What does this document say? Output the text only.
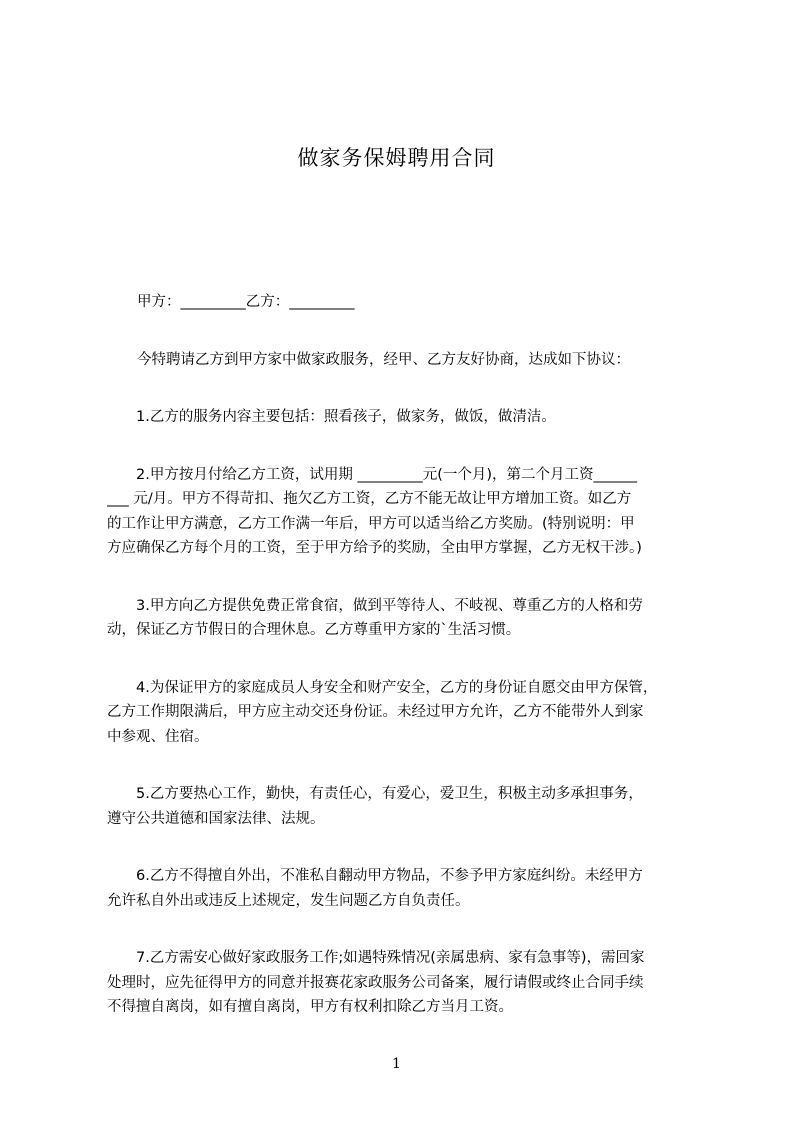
做家务保姆聘用合同
甲方：_________乙方：_________
今特聘请乙方到甲方家中做家政服务，经甲、乙方友好协商，达成如下协议：
1.乙方的服务内容主要包括：照看孩子，做家务，做饭，做清洁。
2.甲方按月付给乙方工资，试用期 _________元(一个月)，第二个月工资______
___ 元/月。甲方不得苛扣、拖欠乙方工资，乙方不能无故让甲方增加工资。如乙方
的工作让甲方满意，乙方工作满一年后，甲方可以适当给乙方奖励。(特别说明：甲
方应确保乙方每个月的工资，至于甲方给予的奖励，全由甲方掌握，乙方无权干涉。)
3.甲方向乙方提供免费正常食宿，做到平等待人、不岐视、尊重乙方的人格和劳
动，保证乙方节假日的合理休息。乙方尊重甲方家的`生活习惯。
4.为保证甲方的家庭成员人身安全和财产安全，乙方的身份证自愿交由甲方保管，
乙方工作期限满后，甲方应主动交还身份证。未经过甲方允许，乙方不能带外人到家
中参观、住宿。
5.乙方要热心工作，勤快，有责任心，有爱心，爱卫生，积极主动多承担事务，
遵守公共道德和国家法律、法规。
6.乙方不得擅自外出，不准私自翻动甲方物品，不参予甲方家庭纠纷。未经甲方
允许私自外出或违反上述规定，发生问题乙方自负责任。
7.乙方需安心做好家政服务工作;如遇特殊情况(亲属患病、家有急事等)，需回家
处理时，应先征得甲方的同意并报赛花家政服务公司备案，履行请假或终止合同手续
不得擅自离岗，如有擅自离岗，甲方有权利扣除乙方当月工资。
1
